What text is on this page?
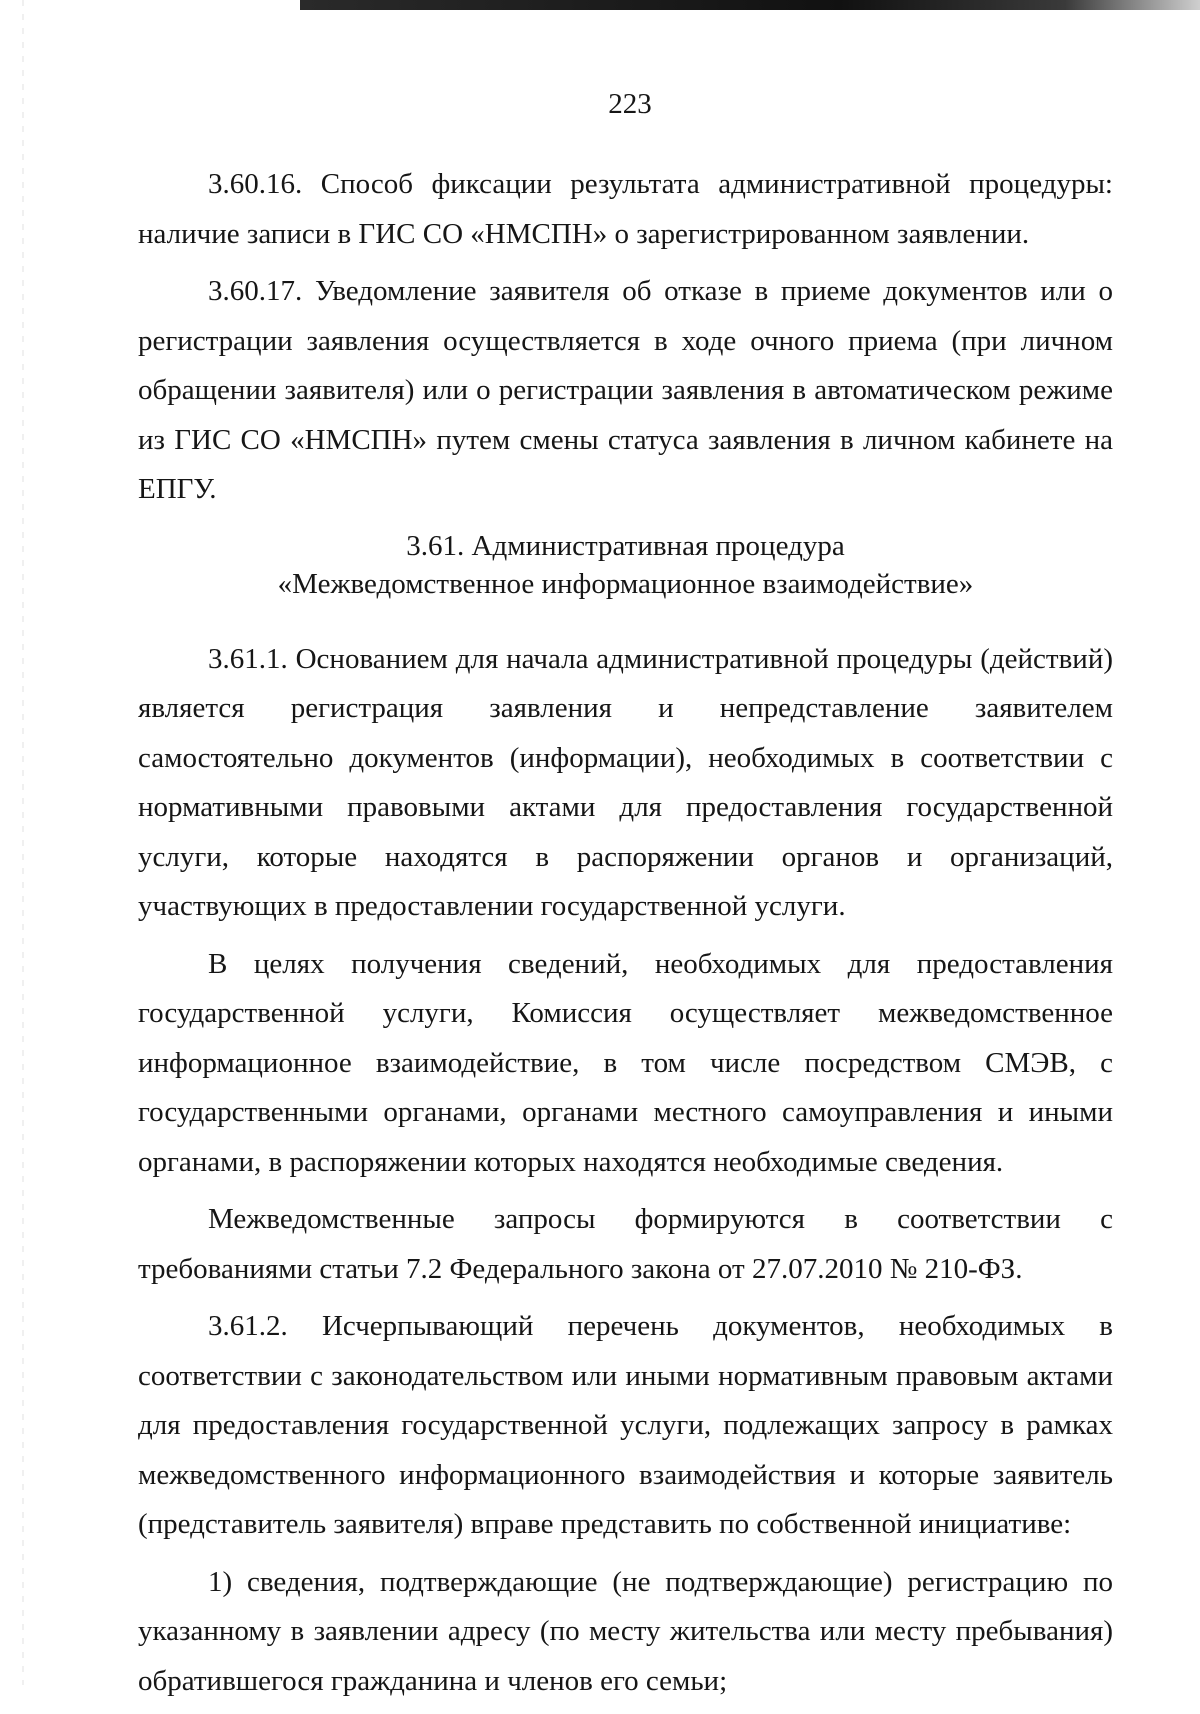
223

3.60.16. Способ фиксации результата административной процедуры: наличие записи в ГИС СО «НМСПН» о зарегистрированном заявлении.

3.60.17. Уведомление заявителя об отказе в приеме документов или о регистрации заявления осуществляется в ходе очного приема (при личном обращении заявителя) или о регистрации заявления в автоматическом режиме из ГИС СО «НМСПН» путем смены статуса заявления в личном кабинете на ЕПГУ.

3.61. Административная процедура
«Межведомственное информационное взаимодействие»

3.61.1. Основанием для начала административной процедуры (действий) является регистрация заявления и непредставление заявителем самостоятельно документов (информации), необходимых в соответствии с нормативными правовыми актами для предоставления государственной услуги, которые находятся в распоряжении органов и организаций, участвующих в предоставлении государственной услуги.

В целях получения сведений, необходимых для предоставления государственной услуги, Комиссия осуществляет межведомственное информационное взаимодействие, в том числе посредством СМЭВ, с государственными органами, органами местного самоуправления и иными органами, в распоряжении которых находятся необходимые сведения.

Межведомственные запросы формируются в соответствии с требованиями статьи 7.2 Федерального закона от 27.07.2010 № 210-ФЗ.

3.61.2. Исчерпывающий перечень документов, необходимых в соответствии с законодательством или иными нормативным правовым актами для предоставления государственной услуги, подлежащих запросу в рамках межведомственного информационного взаимодействия и которые заявитель (представитель заявителя) вправе представить по собственной инициативе:

1) сведения, подтверждающие (не подтверждающие) регистрацию по указанному в заявлении адресу (по месту жительства или месту пребывания) обратившегося гражданина и членов его семьи;
